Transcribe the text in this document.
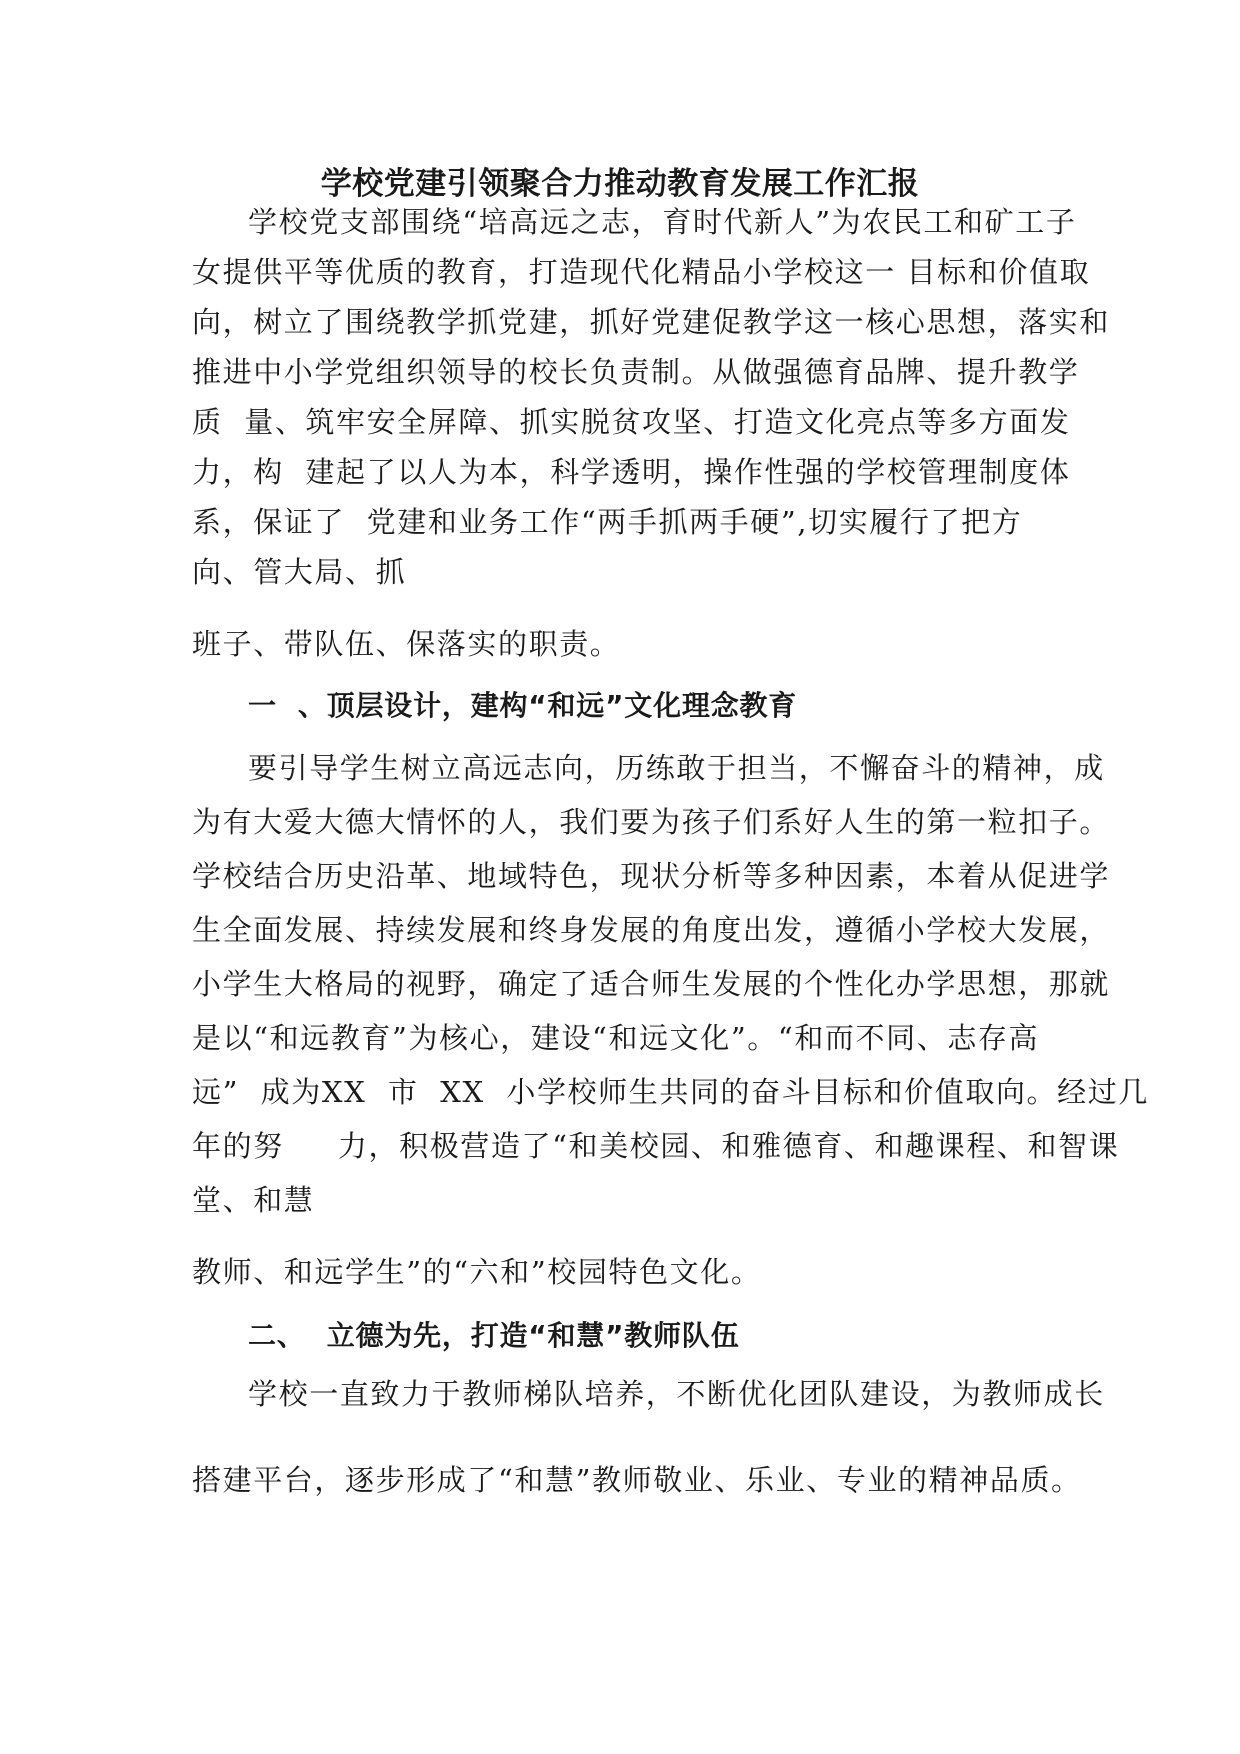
学校党建引领聚合力推动教育发展工作汇报

学校党支部围绕“培高远之志，育时代新人”为农民工和矿工子

女提供平等优质的教育，打造现代化精品小学校这一 目标和价值取

向，树立了围绕教学抓党建，抓好党建促教学这一核心思想，落实和

推进中小学党组织领导的校长负责制。从做强德育品牌、提升教学

质  量、筑牢安全屏障、抓实脱贫攻坚、打造文化亮点等多方面发

力，构  建起了以人为本，科学透明，操作性强的学校管理制度体

系，保证了  党建和业务工作“两手抓两手硬”,切实履行了把方

向、管大局、抓

班子、带队伍、保落实的职责。

一  、顶层设计，建构“和远”文化理念教育

要引导学生树立高远志向，历练敢于担当，不懈奋斗的精神，成

为有大爱大德大情怀的人，我们要为孩子们系好人生的第一粒扣子。

学校结合历史沿革、地域特色，现状分析等多种因素，本着从促进学

生全面发展、持续发展和终身发展的角度出发，遵循小学校大发展，

小学生大格局的视野，确定了适合师生发展的个性化办学思想，那就

是以“和远教育”为核心，建设“和远文化”。“和而不同、志存高

远”  成为XX  市  XX  小学校师生共同的奋斗目标和价值取向。经过几

年的努     力，积极营造了“和美校园、和雅德育、和趣课程、和智课

堂、和慧

教师、和远学生”的“六和”校园特色文化。

二、  立德为先，打造“和慧”教师队伍

学校一直致力于教师梯队培养，不断优化团队建设，为教师成长

搭建平台，逐步形成了“和慧”教师敬业、乐业、专业的精神品质。
